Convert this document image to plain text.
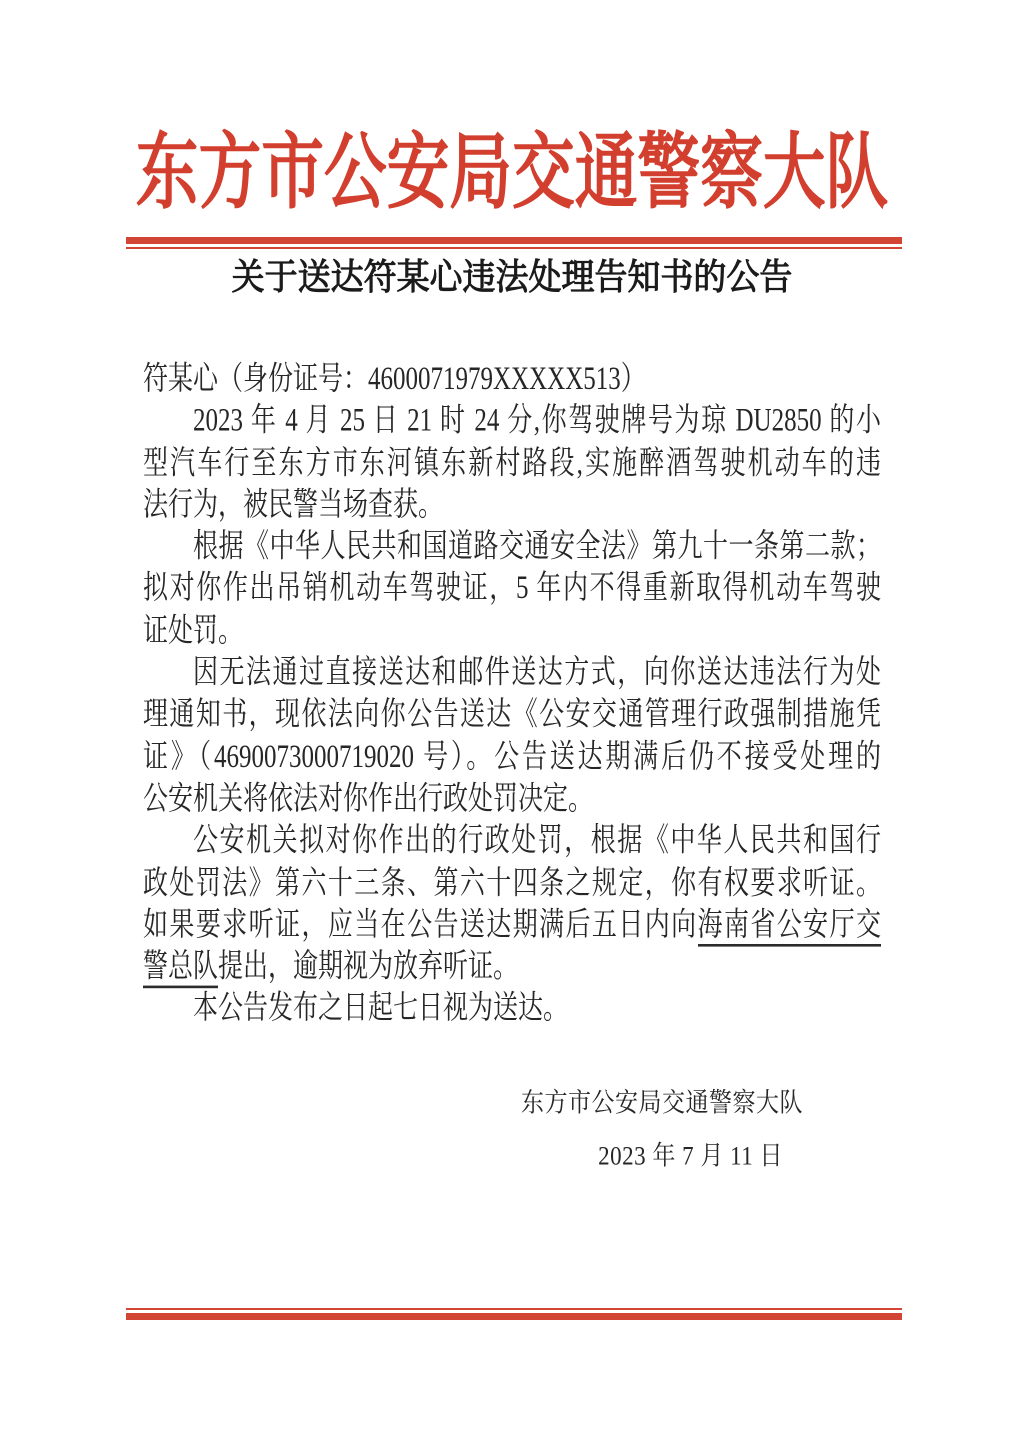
东方市公安局交通警察大队
关于送达符某心违法处理告知书的公告
符某心（身份证号：4600071979XXXXX513）
2023 年 4 月 25 日 21 时 24 分,你驾驶牌号为琼 DU2850 的小
型汽车行至东方市东河镇东新村路段,实施醉酒驾驶机动车的违
法行为，被民警当场查获。
根据《中华人民共和国道路交通安全法》第九十一条第二款；
拟对你作出吊销机动车驾驶证，5 年内不得重新取得机动车驾驶
证处罚。
因无法通过直接送达和邮件送达方式，向你送达违法行为处
理通知书，现依法向你公告送达《公安交通管理行政强制措施凭
证》（4690073000719020 号）。公告送达期满后仍不接受处理的
公安机关将依法对你作出行政处罚决定。
公安机关拟对你作出的行政处罚，根据《中华人民共和国行
政处罚法》第六十三条、第六十四条之规定，你有权要求听证。
如果要求听证，应当在公告送达期满后五日内向海南省公安厅交
警总队提出，逾期视为放弃听证。
本公告发布之日起七日视为送达。
东方市公安局交通警察大队
2023 年 7 月 11 日
